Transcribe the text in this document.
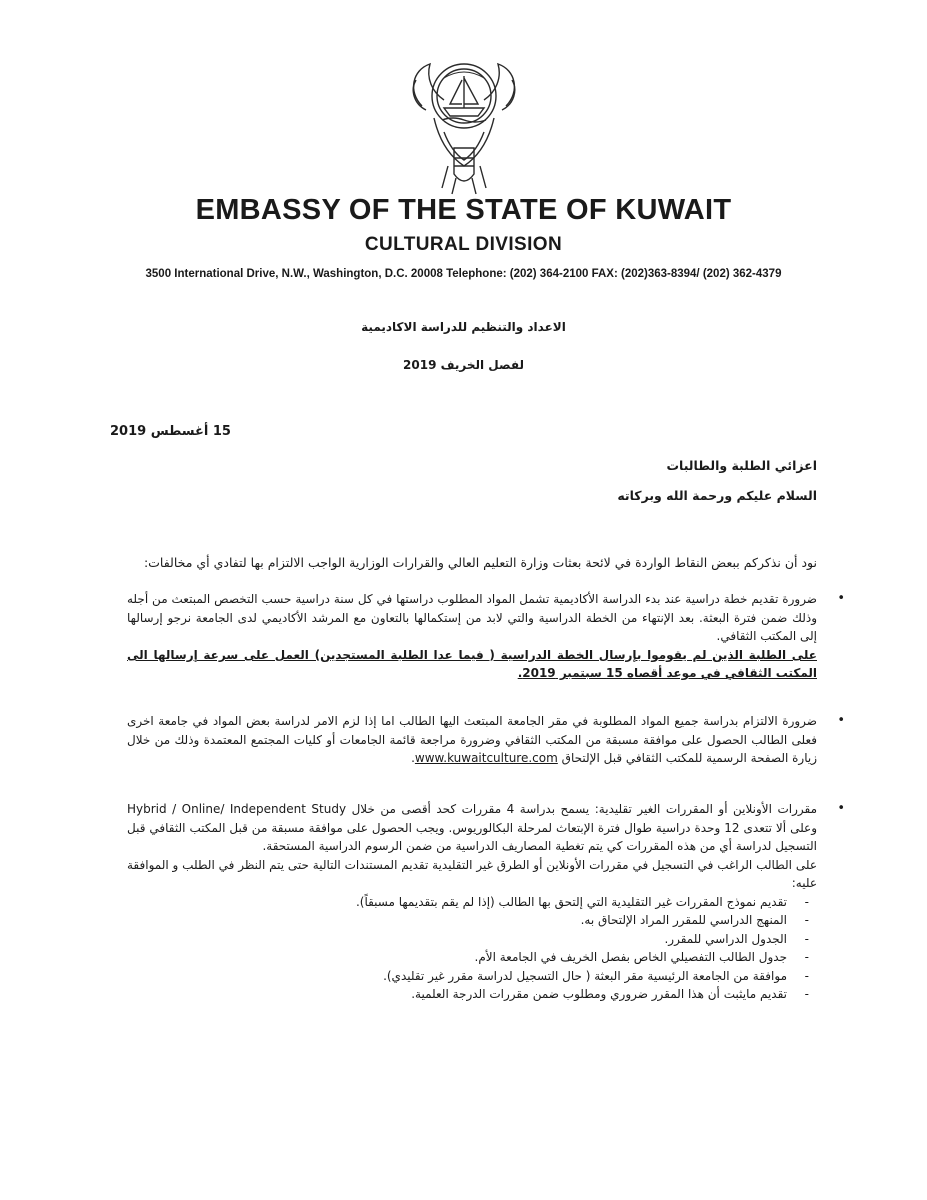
EMBASSY OF THE STATE OF KUWAIT
CULTURAL DIVISION
3500 International Drive, N.W., Washington, D.C. 20008 Telephone: (202) 364-2100 FAX: (202)363-8394/ (202) 362-4379
الاعداد والتنظيم للدراسة الاكاديمية
لفصل الخريف 2019
15 أغسطس 2019
اعزائي الطلبة والطالبات
السلام عليكم ورحمة الله وبركاته
نود أن نذكركم ببعض النقاط الواردة في لائحة بعثات وزارة التعليم العالي والقرارات الوزارية الواجب الالتزام بها لتفادي أي مخالفات:
•

ضرورة تقديم خطة دراسية عند بدء الدراسة الأكاديمية تشمل المواد المطلوب دراستها في كل سنة دراسية حسب التخصص المبتعث من أجله وذلك ضمن فترة البعثة. بعد الإنتهاء من الخطة الدراسية والتي لابد من إستكمالها بالتعاون مع المرشد الأكاديمي لدى الجامعة نرجو إرسالها إلى المكتب الثقافي.

على الطلبة الذين لم يقوموا بإرسال الخطة الدراسية ( فيما عدا الطلبة المستجدين) العمل على سرعة إرسالها الى المكتب الثقافي في موعد أقصاه 15 سبتمبر 2019.

•

ضرورة الالتزام بدراسة جميع المواد المطلوبة في مقر الجامعة المبتعث اليها الطالب اما إذا لزم الامر لدراسة بعض المواد في جامعة اخرى فعلى الطالب الحصول على موافقة مسبقة من المكتب الثقافي وضرورة مراجعة قائمة الجامعات أو كليات المجتمع المعتمدة وذلك من خلال زيارة الصفحة الرسمية للمكتب الثقافي قبل الإلتحاق www.kuwaitculture.com.

•

مقررات الأونلاين أو المقررات الغير تقليدية: يسمح بدراسة 4 مقررات كحد أقصى من خلال Hybrid / Online/ Independent Study وعلى ألا تتعدى 12 وحدة دراسية طوال فترة الإبتعاث لمرحلة البكالوريوس. ويجب الحصول على موافقة مسبقة من قبل المكتب الثقافي قبل التسجيل لدراسة أي من هذه المقررات كي يتم تغطية المصاريف الدراسية من ضمن الرسوم الدراسية المستحقة.

على الطالب الراغب في التسجيل في مقررات الأونلاين أو الطرق غير التقليدية تقديم المستندات التالية حتى يتم النظر في الطلب و الموافقة عليه:

-
تقديم نموذج المقررات غير التقليدية التي إلتحق بها الطالب (إذا لم يقم بتقديمها مسبقاً).
-
المنهج الدراسي للمقرر المراد الإلتحاق به.
-
الجدول الدراسي للمقرر.
-
جدول الطالب التفصيلي الخاص بفصل الخريف في الجامعة الأم.
-
موافقة من الجامعة الرئيسية مقر البعثة ( حال التسجيل لدراسة مقرر غير تقليدي).
-
تقديم مايثبت أن هذا المقرر ضروري ومطلوب ضمن مقررات الدرجة العلمية.
